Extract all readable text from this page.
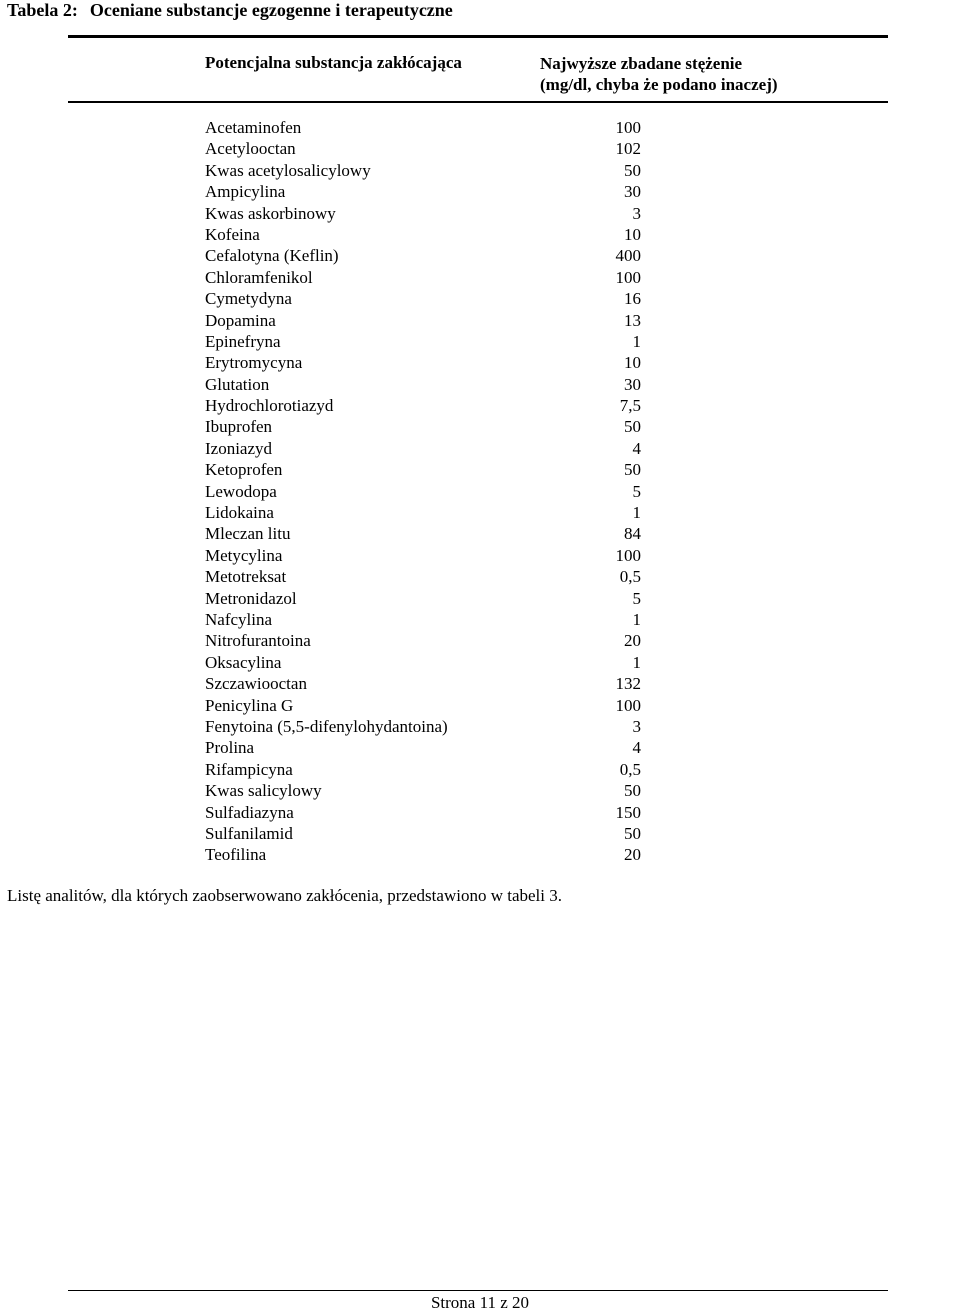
Tabela 2: Oceniane substancje egzogenne i terapeutyczne
Potencjalna substancja zakłócająca	Najwyższe zbadane stężenie
(mg/dl, chyba że podano inaczej)
Acetaminofen	100
Acetylooctan	102
Kwas acetylosalicylowy	50
Ampicylina	30
Kwas askorbinowy	3
Kofeina	10
Cefalotyna (Keflin)	400
Chloramfenikol	100
Cymetydyna	16
Dopamina	13
Epinefryna	1
Erytromycyna	10
Glutation	30
Hydrochlorotiazyd	7,5
Ibuprofen	50
Izoniazyd	4
Ketoprofen	50
Lewodopa	5
Lidokaina	1
Mleczan litu	84
Metycylina	100
Metotreksat	0,5
Metronidazol	5
Nafcylina	1
Nitrofurantoina	20
Oksacylina	1
Szczawiooctan	132
Penicylina G	100
Fenytoina (5,5-difenylohydantoina)	3
Prolina	4
Rifampicyna	0,5
Kwas salicylowy	50
Sulfadiazyna	150
Sulfanilamid	50
Teofilina	20
Listę analitów, dla których zaobserwowano zakłócenia, przedstawiono w tabeli 3.
Strona 11 z 20
